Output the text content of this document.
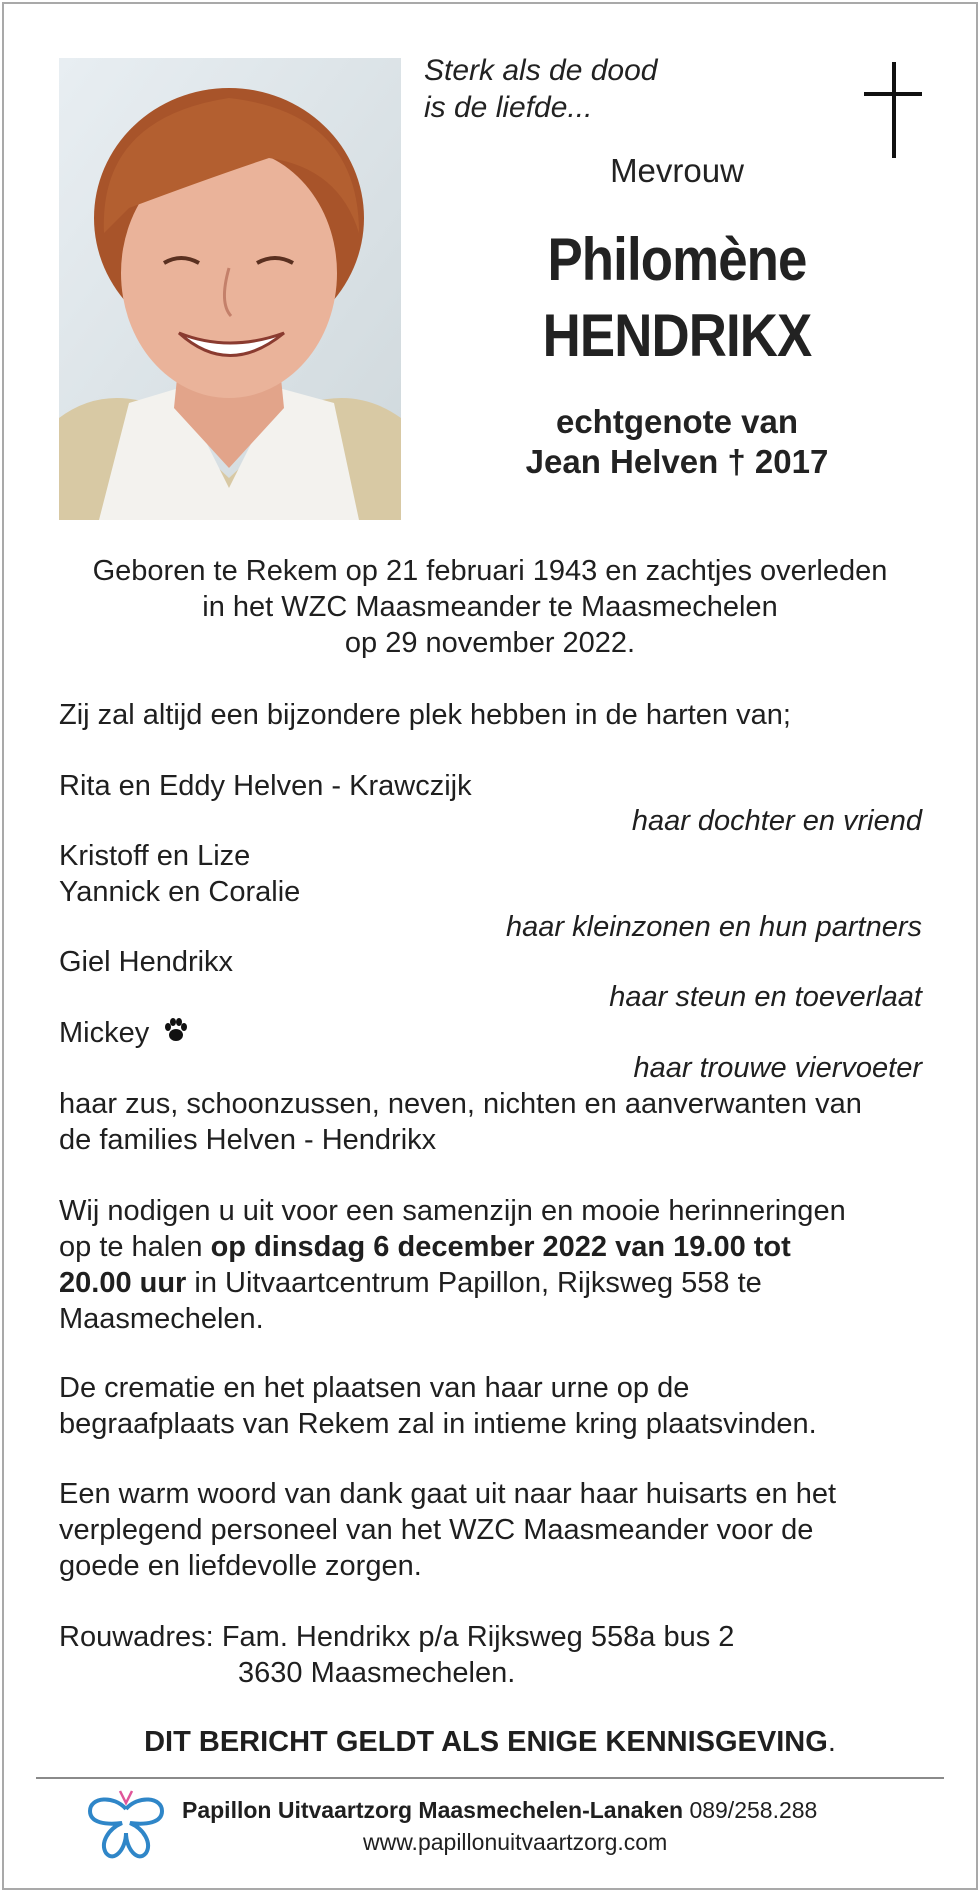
Sterk als de dood
is de liefde...
Mevrouw
Philomène
HENDRIKX
echtgenote van
Jean Helven † 2017
Geboren te Rekem op 21 februari 1943 en zachtjes overleden
in het WZC Maasmeander te Maasmechelen
op 29 november 2022.
Zij zal altijd een bijzondere plek hebben in de harten van;
Rita en Eddy Helven - Krawczijk
haar dochter en vriend
Kristoff en Lize
Yannick en Coralie
haar kleinzonen en hun partners
Giel Hendrikx
haar steun en toeverlaat
Mickey
haar trouwe viervoeter
haar zus, schoonzussen, neven, nichten en aanverwanten van
de families Helven - Hendrikx
Wij nodigen u uit voor een samenzijn en mooie herinneringen
op te halen op dinsdag 6 december 2022 van 19.00 tot
20.00 uur in Uitvaartcentrum Papillon, Rijksweg 558 te
Maasmechelen.
De crematie en het plaatsen van haar urne op de
begraafplaats van Rekem zal in intieme kring plaatsvinden.
Een warm woord van dank gaat uit naar haar huisarts en het
verplegend personeel van het WZC Maasmeander voor de
goede en liefdevolle zorgen.
Rouwadres: Fam. Hendrikx p/a Rijksweg 558a bus 2
3630 Maasmechelen.
DIT BERICHT GELDT ALS ENIGE KENNISGEVING.
Papillon Uitvaartzorg Maasmechelen-Lanaken 089/258.288
www.papillonuitvaartzorg.com
